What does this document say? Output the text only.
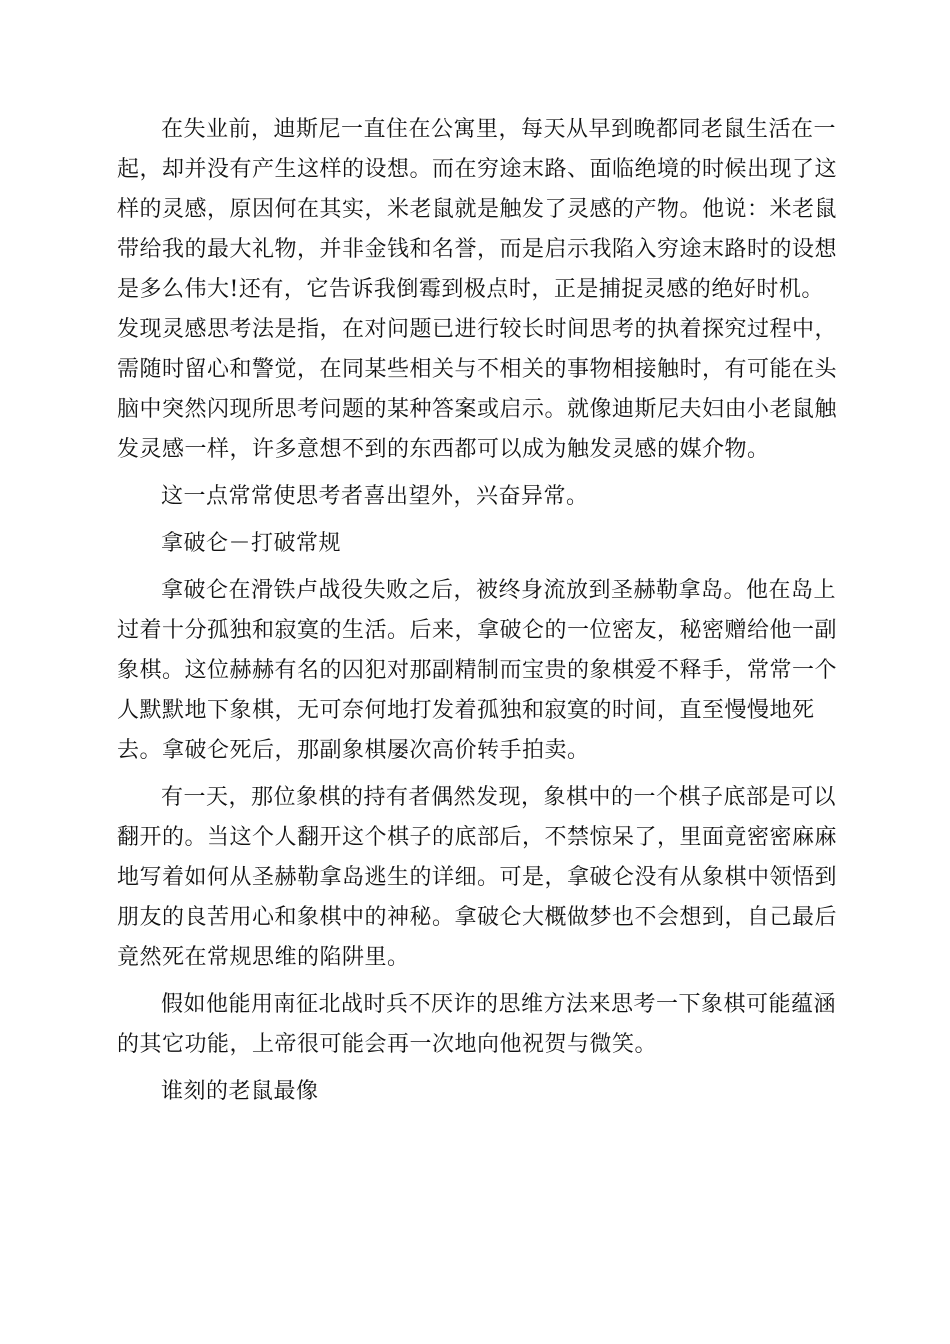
在失业前，迪斯尼一直住在公寓里，每天从早到晚都同老鼠生活在一
起，却并没有产生这样的设想。而在穷途末路、面临绝境的时候出现了这
样的灵感，原因何在其实，米老鼠就是触发了灵感的产物。他说：米老鼠
带给我的最大礼物，并非金钱和名誉，而是启示我陷入穷途末路时的设想
是多么伟大!还有，它告诉我倒霉到极点时，正是捕捉灵感的绝好时机。
发现灵感思考法是指，在对问题已进行较长时间思考的执着探究过程中，
需随时留心和警觉，在同某些相关与不相关的事物相接触时，有可能在头
脑中突然闪现所思考问题的某种答案或启示。就像迪斯尼夫妇由小老鼠触
发灵感一样，许多意想不到的东西都可以成为触发灵感的媒介物。
这一点常常使思考者喜出望外，兴奋异常。
拿破仑－打破常规
拿破仑在滑铁卢战役失败之后，被终身流放到圣赫勒拿岛。他在岛上
过着十分孤独和寂寞的生活。后来，拿破仑的一位密友，秘密赠给他一副
象棋。这位赫赫有名的囚犯对那副精制而宝贵的象棋爱不释手，常常一个
人默默地下象棋，无可奈何地打发着孤独和寂寞的时间，直至慢慢地死
去。拿破仑死后，那副象棋屡次高价转手拍卖。
有一天，那位象棋的持有者偶然发现，象棋中的一个棋子底部是可以
翻开的。当这个人翻开这个棋子的底部后，不禁惊呆了，里面竟密密麻麻
地写着如何从圣赫勒拿岛逃生的详细。可是，拿破仑没有从象棋中领悟到
朋友的良苦用心和象棋中的神秘。拿破仑大概做梦也不会想到，自己最后
竟然死在常规思维的陷阱里。
假如他能用南征北战时兵不厌诈的思维方法来思考一下象棋可能蕴涵
的其它功能，上帝很可能会再一次地向他祝贺与微笑。
谁刻的老鼠最像
